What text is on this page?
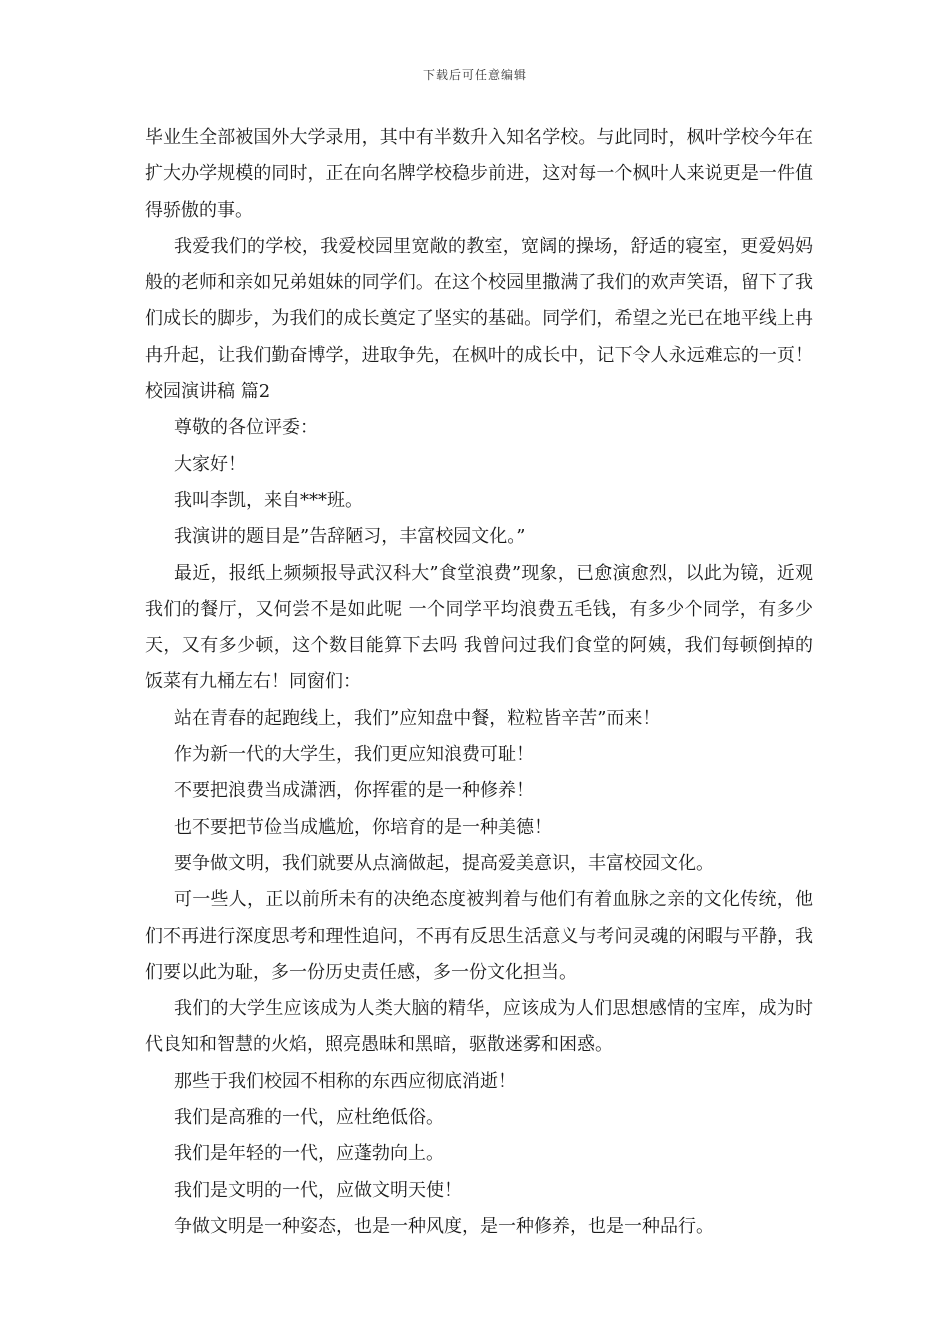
下载后可任意编辑

毕业生全部被国外大学录用，其中有半数升入知名学校。与此同时，枫叶学校今年在扩大办学规模的同时，正在向名牌学校稳步前进，这对每一个枫叶人来说更是一件值得骄傲的事。

我爱我们的学校，我爱校园里宽敞的教室，宽阔的操场，舒适的寝室，更爱妈妈般的老师和亲如兄弟姐妹的同学们。在这个校园里撒满了我们的欢声笑语，留下了我们成长的脚步，为我们的成长奠定了坚实的基础。同学们，希望之光已在地平线上冉冉升起，让我们勤奋博学，进取争先，在枫叶的成长中，记下令人永远难忘的一页！校园演讲稿 篇2

尊敬的各位评委：

大家好！

我叫李凯，来自***班。

我演讲的题目是”告辞陋习，丰富校园文化。”

最近，报纸上频频报导武汉科大”食堂浪费”现象，已愈演愈烈，以此为镜，近观我们的餐厅，又何尝不是如此呢 一个同学平均浪费五毛钱，有多少个同学，有多少天，又有多少顿，这个数目能算下去吗 我曾问过我们食堂的阿姨，我们每顿倒掉的饭菜有九桶左右！同窗们：

站在青春的起跑线上，我们”应知盘中餐，粒粒皆辛苦”而来！

作为新一代的大学生，我们更应知浪费可耻！

不要把浪费当成潇洒，你挥霍的是一种修养！

也不要把节俭当成尴尬，你培育的是一种美德！

要争做文明，我们就要从点滴做起，提高爱美意识，丰富校园文化。

可一些人，正以前所未有的决绝态度被判着与他们有着血脉之亲的文化传统，他们不再进行深度思考和理性追问，不再有反思生活意义与考问灵魂的闲暇与平静，我们要以此为耻，多一份历史责任感，多一份文化担当。

我们的大学生应该成为人类大脑的精华，应该成为人们思想感情的宝库，成为时代良知和智慧的火焰，照亮愚昧和黑暗，驱散迷雾和困惑。

那些于我们校园不相称的东西应彻底消逝！

我们是高雅的一代，应杜绝低俗。

我们是年轻的一代，应蓬勃向上。

我们是文明的一代，应做文明天使！

争做文明是一种姿态，也是一种风度，是一种修养，也是一种品行。
